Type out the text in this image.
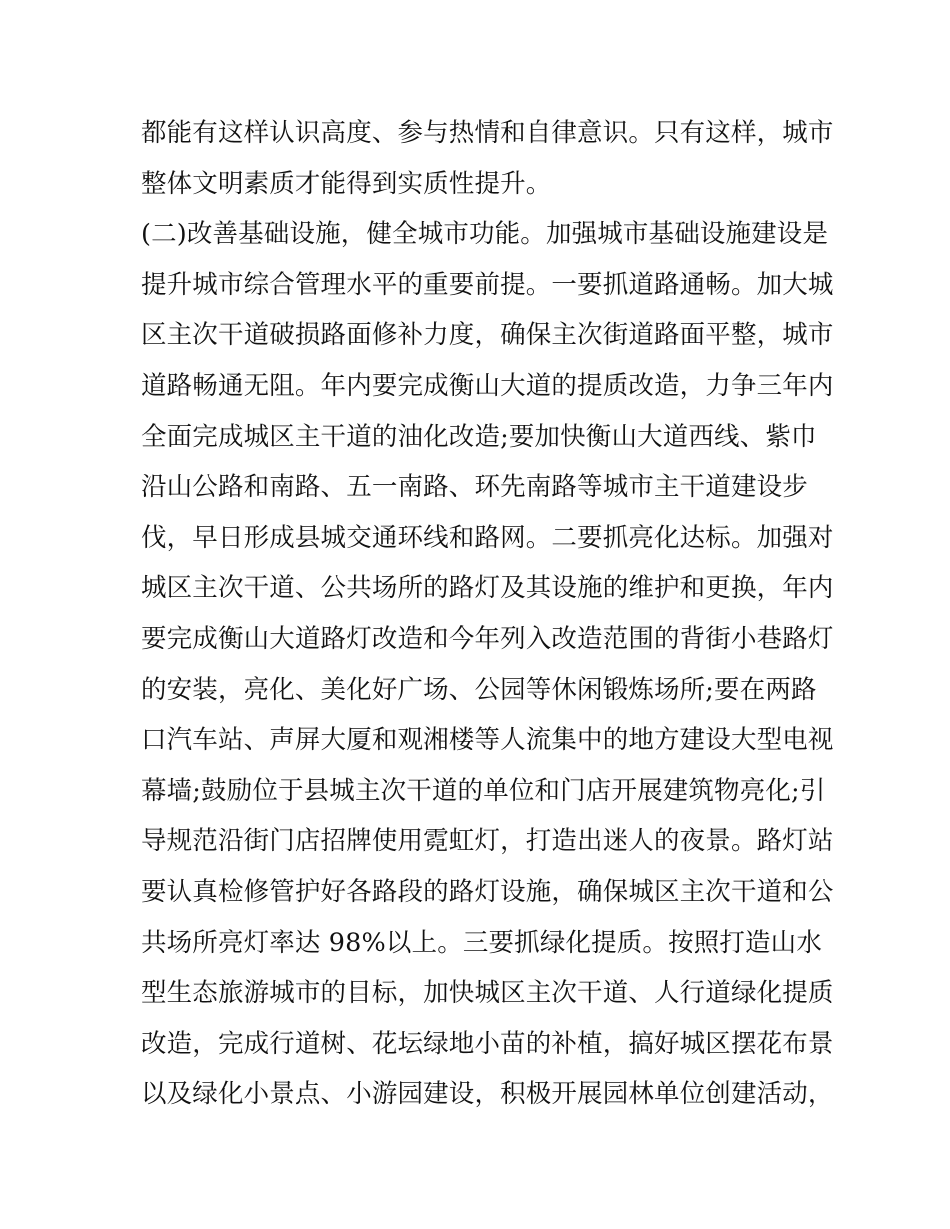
都能有这样认识高度、参与热情和自律意识。只有这样，城市
整体文明素质才能得到实质性提升。
(二)改善基础设施，健全城市功能。加强城市基础设施建设是
提升城市综合管理水平的重要前提。一要抓道路通畅。加大城
区主次干道破损路面修补力度，确保主次街道路面平整，城市
道路畅通无阻。年内要完成衡山大道的提质改造，力争三年内
全面完成城区主干道的油化改造;要加快衡山大道西线、紫巾
沿山公路和南路、五一南路、环先南路等城市主干道建设步
伐，早日形成县城交通环线和路网。二要抓亮化达标。加强对
城区主次干道、公共场所的路灯及其设施的维护和更换，年内
要完成衡山大道路灯改造和今年列入改造范围的背街小巷路灯
的安装，亮化、美化好广场、公园等休闲锻炼场所;要在两路
口汽车站、声屏大厦和观湘楼等人流集中的地方建设大型电视
幕墙;鼓励位于县城主次干道的单位和门店开展建筑物亮化;引
导规范沿街门店招牌使用霓虹灯，打造出迷人的夜景。路灯站
要认真检修管护好各路段的路灯设施，确保城区主次干道和公
共场所亮灯率达 98%以上。三要抓绿化提质。按照打造山水
型生态旅游城市的目标，加快城区主次干道、人行道绿化提质
改造，完成行道树、花坛绿地小苗的补植，搞好城区摆花布景
以及绿化小景点、小游园建设，积极开展园林单位创建活动，
